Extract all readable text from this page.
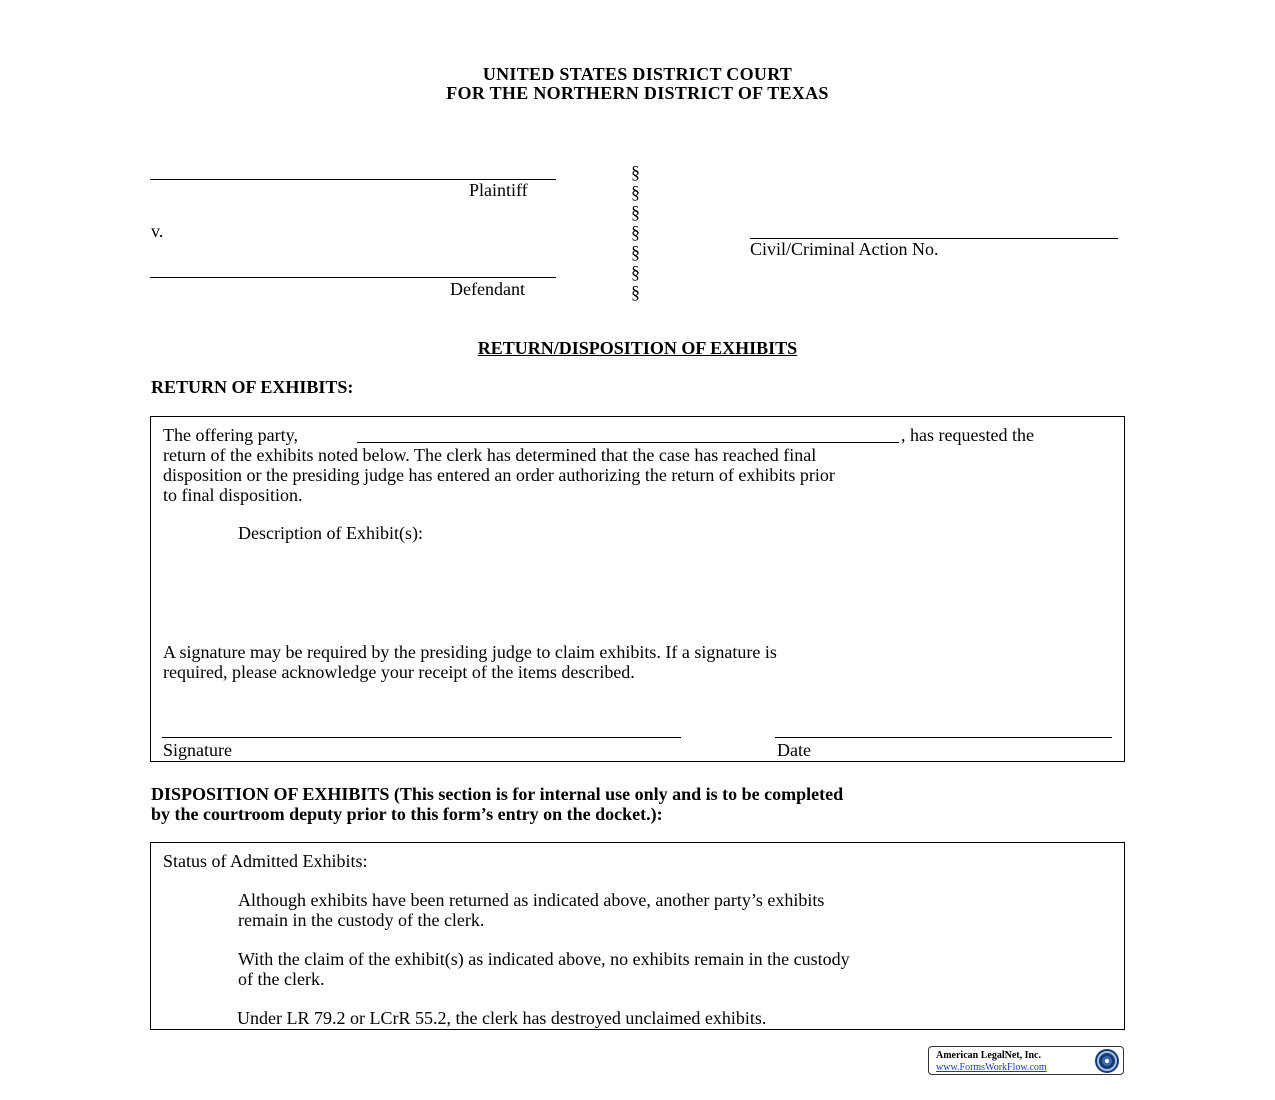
UNITED STATES DISTRICT COURT
FOR THE NORTHERN DISTRICT OF TEXAS
Plaintiff
v.
Defendant
§
§
§
§
§
§
§
Civil/Criminal Action No.
RETURN/DISPOSITION OF EXHIBITS
RETURN OF EXHIBITS:
The offering party,	, has requested the
return of the exhibits noted below. The clerk has determined that the case has reached final
disposition or the presiding judge has entered an order authorizing the return of exhibits prior
to final disposition.
Description of Exhibit(s):
A signature may be required by the presiding judge to claim exhibits. If a signature is
required, please acknowledge your receipt of the items described.
Signature	Date
DISPOSITION OF EXHIBITS (This section is for internal use only and is to be completed
by the courtroom deputy prior to this form’s entry on the docket.):
Status of Admitted Exhibits:
Although exhibits have been returned as indicated above, another party’s exhibits
remain in the custody of the clerk.
With the claim of the exhibit(s) as indicated above, no exhibits remain in the custody
of the clerk.
Under LR 79.2 or LCrR 55.2, the clerk has destroyed unclaimed exhibits.
American LegalNet, Inc.
www.FormsWorkFlow.com
